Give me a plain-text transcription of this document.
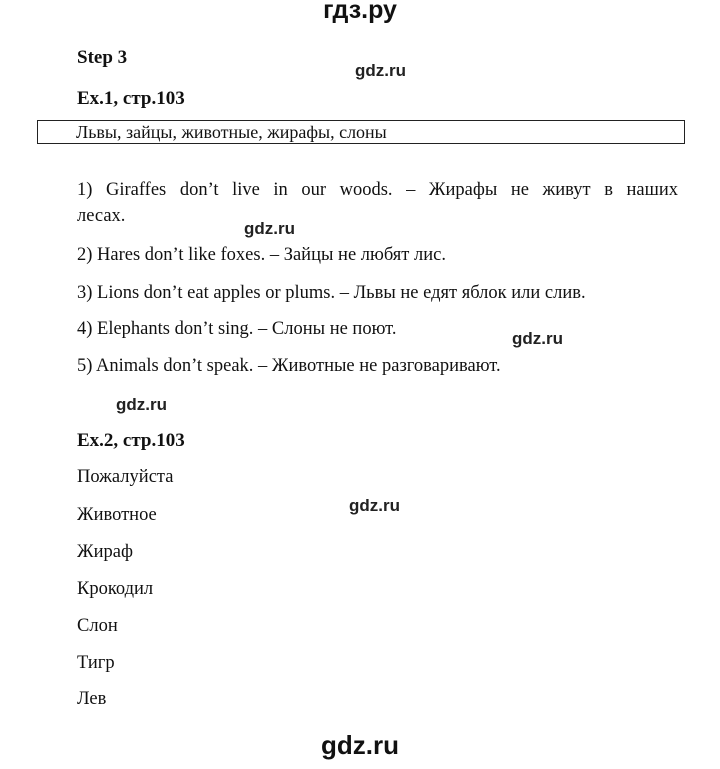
гдз.ру
Step 3
gdz.ru
Ex.1, стр.103
Львы, зайцы, животные, жирафы, слоны
1) Giraffes don’t live in our woods. – Жирафы не живут в наших
лесах.
gdz.ru
2) Hares don’t like foxes. – Зайцы не любят лис.
3) Lions don’t eat apples or plums. – Львы не едят яблок или слив.
4) Elephants don’t sing. – Слоны не поют.	gdz.ru
5) Animals don’t speak. – Животные не разговаривают.
gdz.ru
Ex.2, стр.103
Пожалуйста
Животное	gdz.ru
Жираф
Крокодил
Слон
Тигр
Лев
gdz.ru
